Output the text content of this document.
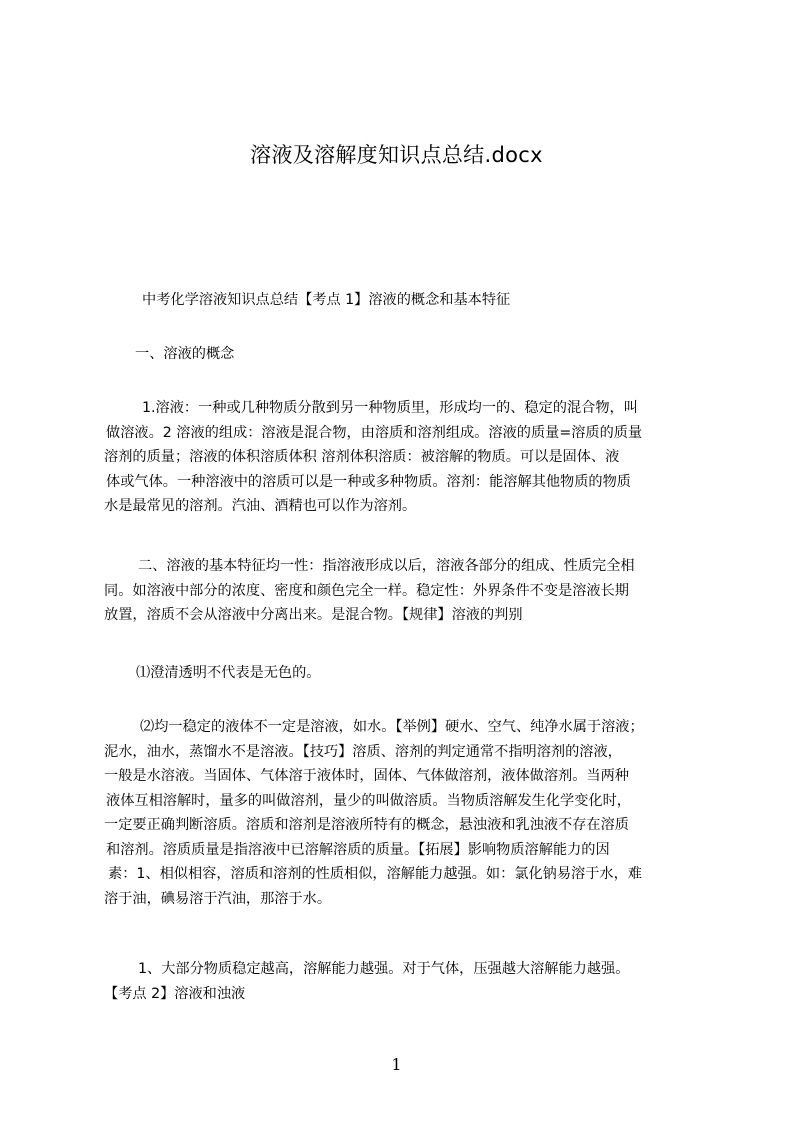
溶液及溶解度知识点总结.docx
中考化学溶液知识点总结【考点 1】溶液的概念和基本特征
一、溶液的概念
1.溶液：一种或几种物质分散到另一种物质里，形成均一的、稳定的混合物，叫
做溶液。2 溶液的组成：溶液是混合物，由溶质和溶剂组成。溶液的质量=溶质的质量
溶剂的质量；溶液的体积溶质体积 溶剂体积溶质：被溶解的物质。可以是固体、液
体或气体。一种溶液中的溶质可以是一种或多种物质。溶剂：能溶解其他物质的物质
水是最常见的溶剂。汽油、酒精也可以作为溶剂。
二、溶液的基本特征均一性：指溶液形成以后，溶液各部分的组成、性质完全相
同。如溶液中部分的浓度、密度和颜色完全一样。稳定性：外界条件不变是溶液长期
放置，溶质不会从溶液中分离出来。是混合物。【规律】溶液的判别
⑴澄清透明不代表是无色的。
⑵均一稳定的液体不一定是溶液，如水。【举例】硬水、空气、纯净水属于溶液；
泥水，油水，蒸馏水不是溶液。【技巧】溶质、溶剂的判定通常不指明溶剂的溶液，
一般是水溶液。当固体、气体溶于液体时，固体、气体做溶剂，液体做溶剂。当两种
液体互相溶解时，量多的叫做溶剂，量少的叫做溶质。当物质溶解发生化学变化时，
一定要正确判断溶质。溶质和溶剂是溶液所特有的概念，悬浊液和乳浊液不存在溶质
和溶剂。溶质质量是指溶液中已溶解溶质的质量。【拓展】影响物质溶解能力的因
素：1、相似相容，溶质和溶剂的性质相似，溶解能力越强。如：氯化钠易溶于水，难
溶于油，碘易溶于汽油，那溶于水。
1、大部分物质稳定越高，溶解能力越强。对于气体，压强越大溶解能力越强。
【考点 2】溶液和浊液
1
